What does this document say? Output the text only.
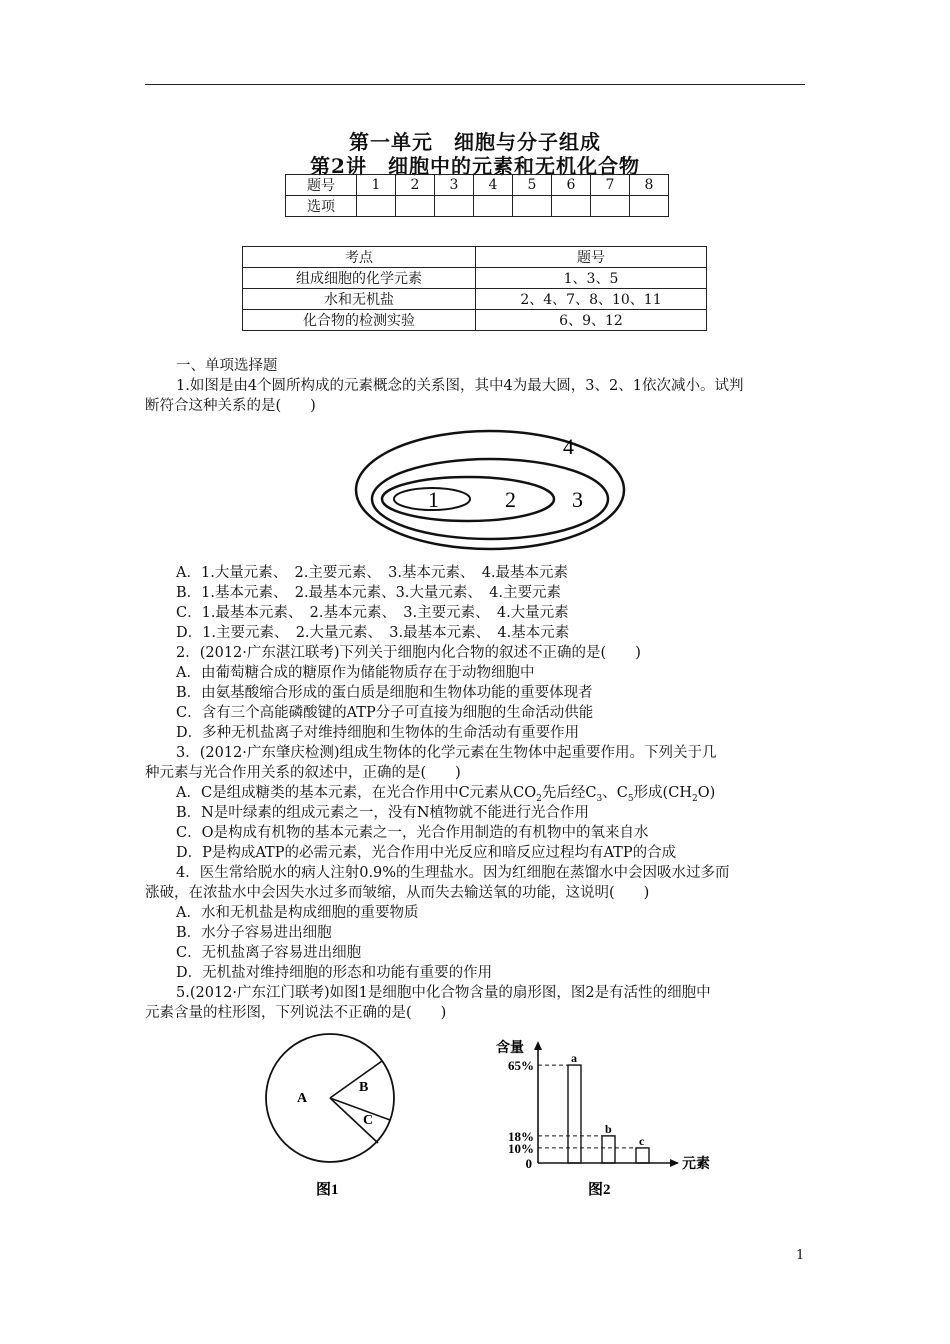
第一单元　细胞与分子组成
第2讲　细胞中的元素和无机化合物
题号	1	2	3	4	5	6	7	8
选项								
考点	题号
组成细胞的化学元素	1、3、5
水和无机盐	2、4、7、8、10、11
化合物的检测实验	6、9、12
一、单项选择题
1.如图是由4个圆所构成的元素概念的关系图，其中4为最大圆，3、2、1依次减小。试判
断符合这种关系的是(　　)
1	2	3
4
A．1.大量元素、　2.主要元素、　3.基本元素、　4.最基本元素
B．1.基本元素、　2.最基本元素、3.大量元素、　4.主要元素
C．1.最基本元素、　2.基本元素、　3.主要元素、　4.大量元素
D．1.主要元素、　2.大量元素、　3.最基本元素、　4.基本元素
2．(2012·广东湛江联考)下列关于细胞内化合物的叙述不正确的是(　　)
A．由葡萄糖合成的糖原作为储能物质存在于动物细胞中
B．由氨基酸缩合形成的蛋白质是细胞和生物体功能的重要体现者
C．含有三个高能磷酸键的ATP分子可直接为细胞的生命活动供能
D．多种无机盐离子对维持细胞和生物体的生命活动有重要作用
3．(2012·广东肇庆检测)组成生物体的化学元素在生物体中起重要作用。下列关于几
种元素与光合作用关系的叙述中，正确的是(　　)
A．C是组成糖类的基本元素，在光合作用中C元素从$CO_2$先后经$C_3$、$C_5$形成$(CH_2O)$
B．N是叶绿素的组成元素之一，没有N植物就不能进行光合作用
C．O是构成有机物的基本元素之一，光合作用制造的有机物中的氧来自水
D．P是构成ATP的必需元素，光合作用中光反应和暗反应过程均有ATP的合成
4．医生常给脱水的病人注射0.9%的生理盐水。因为红细胞在蒸馏水中会因吸水过多而
涨破，在浓盐水中会因失水过多而皱缩，从而失去输送氧的功能，这说明(　　)
A．水和无机盐是构成细胞的重要物质
B．水分子容易进出细胞
C．无机盐离子容易进出细胞
D．无机盐对维持细胞的形态和功能有重要的作用
5.(2012·广东江门联考)如图1是细胞中化合物含量的扇形图，图2是有活性的细胞中
元素含量的柱形图，下列说法不正确的是(　　)
A
B
C
图1
a
65%
b
18%	c
10%
0
含量
元素
图2
1
